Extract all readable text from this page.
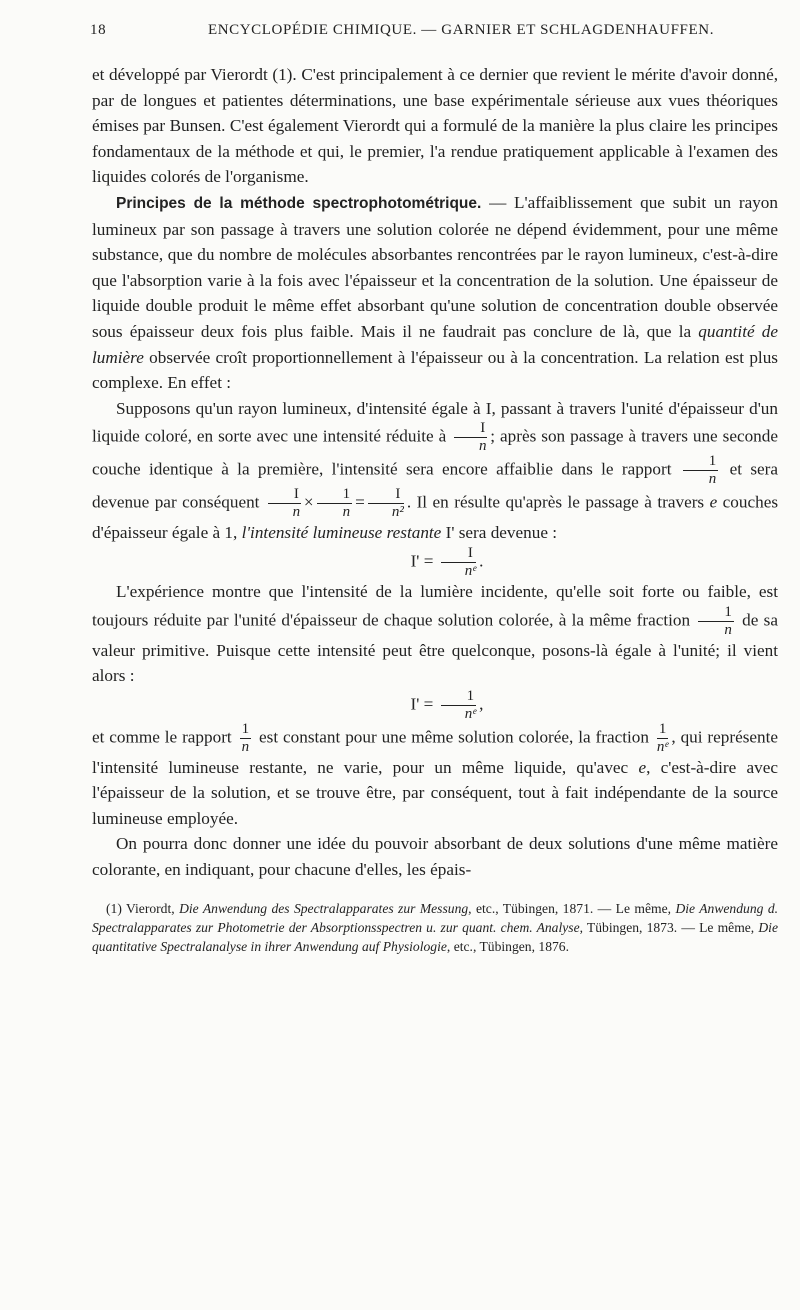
18	ENCYCLOPÉDIE CHIMIQUE. — GARNIER ET SCHLAGDENHAUFFEN.

et développé par Vierordt (1). C'est principalement à ce dernier que revient le mérite d'avoir donné, par de longues et patientes déterminations, une base expérimentale sérieuse aux vues théoriques émises par Bunsen. C'est également Vierordt qui a formulé de la manière la plus claire les principes fondamentaux de la méthode et qui, le premier, l'a rendue pratiquement applicable à l'examen des liquides colorés de l'organisme.

Principes de la méthode spectrophotométrique. — L'affaiblissement que subit un rayon lumineux par son passage à travers une solution colorée ne dépend évidemment, pour une même substance, que du nombre de molécules absorbantes rencontrées par le rayon lumineux, c'est-à-dire que l'absorption varie à la fois avec l'épaisseur et la concentration de la solution. Une épaisseur de liquide double produit le même effet absorbant qu'une solution de concentration double observée sous épaisseur deux fois plus faible. Mais il ne faudrait pas conclure de là, que la quantité de lumière observée croît proportionnellement à l'épaisseur ou à la concentration. La relation est plus complexe. En effet :

Supposons qu'un rayon lumineux, d'intensité égale à I, passant à travers l'unité d'épaisseur d'un liquide coloré, en sorte avec une intensité réduite à $\frac{I}{n}$ ; après son passage à travers une seconde couche identique à la première, l'intensité sera encore affaiblie dans le rapport $\frac{1}{n}$ et sera devenue par conséquent $\frac{I}{n} \times \frac{1}{n} = \frac{I}{\text{n²}}$ . Il en résulte qu'après le passage à travers e couches d'épaisseur égale à 1, l'intensité lumineuse restante I' sera devenue :

$I' = \frac{I}{\text{nᵉ}}$ .

L'expérience montre que l'intensité de la lumière incidente, qu'elle soit forte ou faible, est toujours réduite par l'unité d'épaisseur de chaque solution colorée, à la même fraction $\frac{1}{n}$ de sa valeur primitive. Puisque cette intensité peut être quelconque, posons-là égale à l'unité; il vient alors :

$I' = \frac{1}{\text{nᵉ}}$ ,

et comme le rapport $\frac{1}{n}$ est constant pour une même solution colorée, la fraction $\frac{1}{\text{nᵉ}}$ , qui représente l'intensité lumineuse restante, ne varie, pour un même liquide, qu'avec e, c'est-à-dire avec l'épaisseur de la solution, et se trouve être, par conséquent, tout à fait indépendante de la source lumineuse employée.

On pourra donc donner une idée du pouvoir absorbant de deux solutions d'une même matière colorante, en indiquant, pour chacune d'elles, les épais-

(1) Vierordt, Die Anwendung des Spectralapparates zur Messung, etc., Tübingen, 1871. — Le même, Die Anwendung d. Spectralapparates zur Photometrie der Absorptionsspectren u. zur quant. chem. Analyse, Tübingen, 1873. — Le même, Die quantitative Spectralanalyse in ihrer Anwendung auf Physiologie, etc., Tübingen, 1876.
